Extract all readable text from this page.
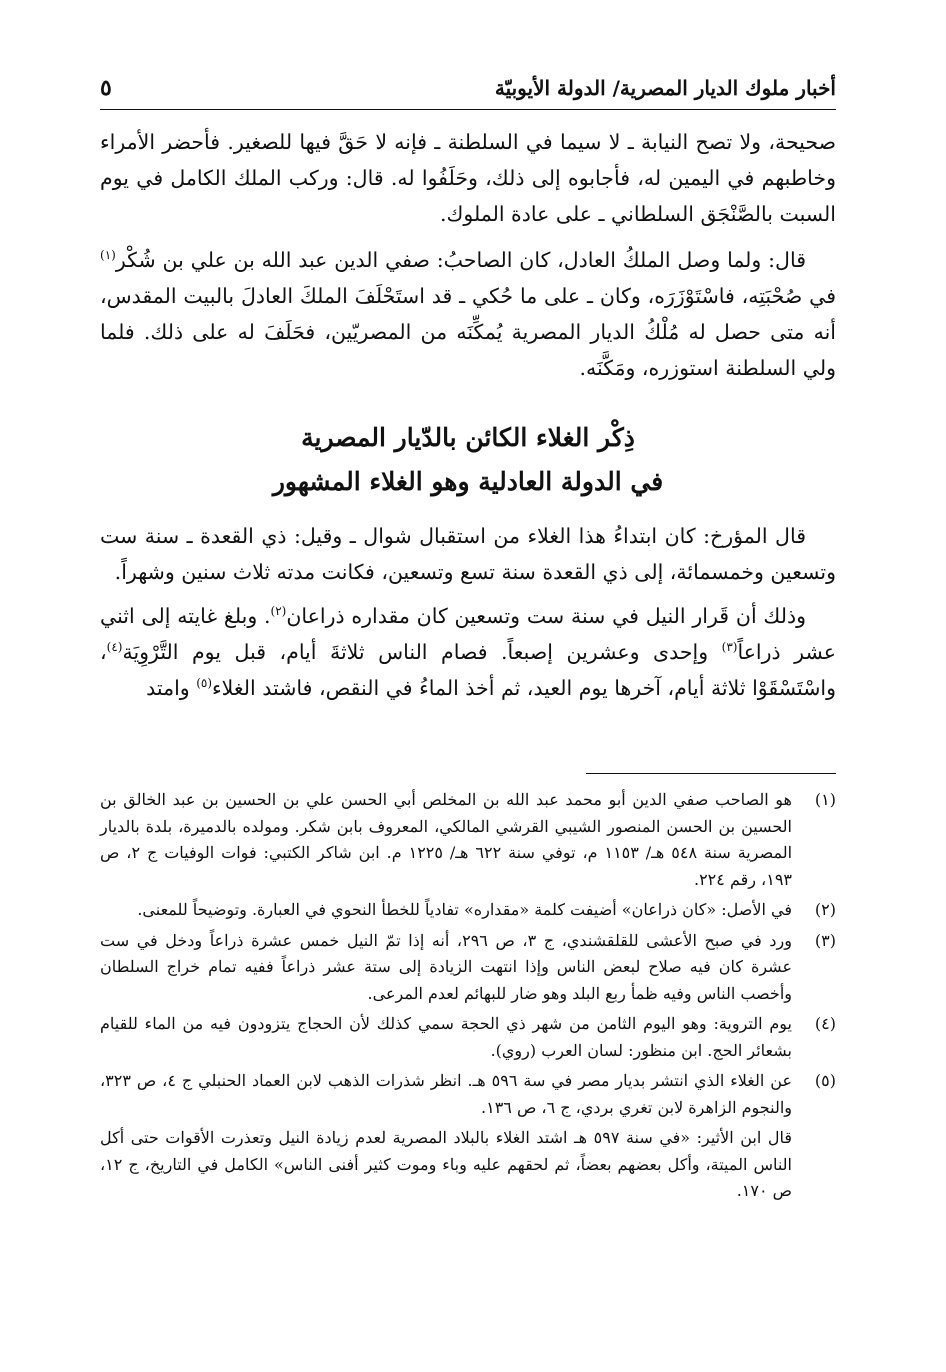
أخبار ملوك الديار المصرية/ الدولة الأيوبيّة
٥

صحيحة، ولا تصح النيابة ـ لا سيما في السلطنة ـ فإنه لا حَقَّ فيها للصغير. فأحضر الأمراء وخاطبهم في اليمين له، فأجابوه إلى ذلك، وحَلَفُوا له. قال: وركب الملك الكامل في يوم السبت بالصَّنْجَق السلطاني ـ على عادة الملوك.

قال: ولما وصل الملكُ العادل، كان الصاحبُ: صفي الدين عبد الله بن علي بن شُكْر$^{(١)}$ في صُحْبَتِه، فاسْتَوْزَرَه، وكان ـ على ما حُكي ـ قد استَحْلَفَ الملكَ العادلَ بالبيت المقدس، أنه متى حصل له مُلْكُ الديار المصرية يُمكِّنَه من المصريّين، فحَلَفَ له على ذلك. فلما ولي السلطنة استوزره، ومَكَّنَه.

ذِكْر الغلاء الكائن بالدّيار المصرية
في الدولة العادلية وهو الغلاء المشهور

قال المؤرخ: كان ابتداءُ هذا الغلاء من استقبال شوال ـ وقيل: ذي القعدة ـ سنة ست وتسعين وخمسمائة، إلى ذي القعدة سنة تسع وتسعين، فكانت مدته ثلاث سنين وشهراً.

وذلك أن قَرار النيل في سنة ست وتسعين كان مقداره ذراعان$^{(٢)}$. وبلغ غايته إلى اثني عشر ذراعاً$^{(٣)}$ وإحدى وعشرين إصبعاً. فصام الناس ثلاثةَ أيام، قبل يوم التَّرْوِيَة$^{(٤)}$، واسْتَسْقَوْا ثلاثة أيام، آخرها يوم العيد، ثم أخذ الماءُ في النقص، فاشتد الغلاء$^{(٥)}$ وامتد

(١)
هو الصاحب صفي الدين أبو محمد عبد الله بن المخلص أبي الحسن علي بن الحسين بن عبد الخالق بن الحسين بن الحسن المنصور الشيبي القرشي المالكي، المعروف بابن شكر. ومولده بالدميرة، بلدة بالديار المصرية سنة ٥٤٨ هـ/ ١١٥٣ م، توفي سنة ٦٢٢ هـ/ ١٢٢٥ م. ابن شاكر الكتبي: فوات الوفيات ج ٢، ص ١٩٣، رقم ٢٢٤.
(٢)
في الأصل: «كان ذراعان» أضيفت كلمة «مقداره» تفادياً للخطأ النحوي في العبارة. وتوضيحاً للمعنى.
(٣)
ورد في صبح الأعشى للقلقشندي، ج ٣، ص ٢٩٦، أنه إذا تمّ النيل خمس عشرة ذراعاً ودخل في ست عشرة كان فيه صلاح لبعض الناس وإذا انتهت الزيادة إلى ستة عشر ذراعاً ففيه تمام خراج السلطان وأخصب الناس وفيه ظمأ ربع البلد وهو ضار للبهائم لعدم المرعى.
(٤)
يوم التروية: وهو اليوم الثامن من شهر ذي الحجة سمي كذلك لأن الحجاج يتزودون فيه من الماء للقيام بشعائر الحج. ابن منظور: لسان العرب (روي).
(٥)
عن الغلاء الذي انتشر بديار مصر في سة ٥٩٦ هـ. انظر شذرات الذهب لابن العماد الحنبلي ج ٤، ص ٣٢٣، والنجوم الزاهرة لابن تغري بردي، ج ٦، ص ١٣٦.
قال ابن الأثير: «في سنة ٥٩٧ هـ اشتد الغلاء بالبلاد المصرية لعدم زيادة النيل وتعذرت الأقوات حتى أكل الناس الميتة، وأكل بعضهم بعضاً، ثم لحقهم عليه وباء وموت كثير أفنى الناس» الكامل في التاريخ، ج ١٢، ص ١٧٠.
